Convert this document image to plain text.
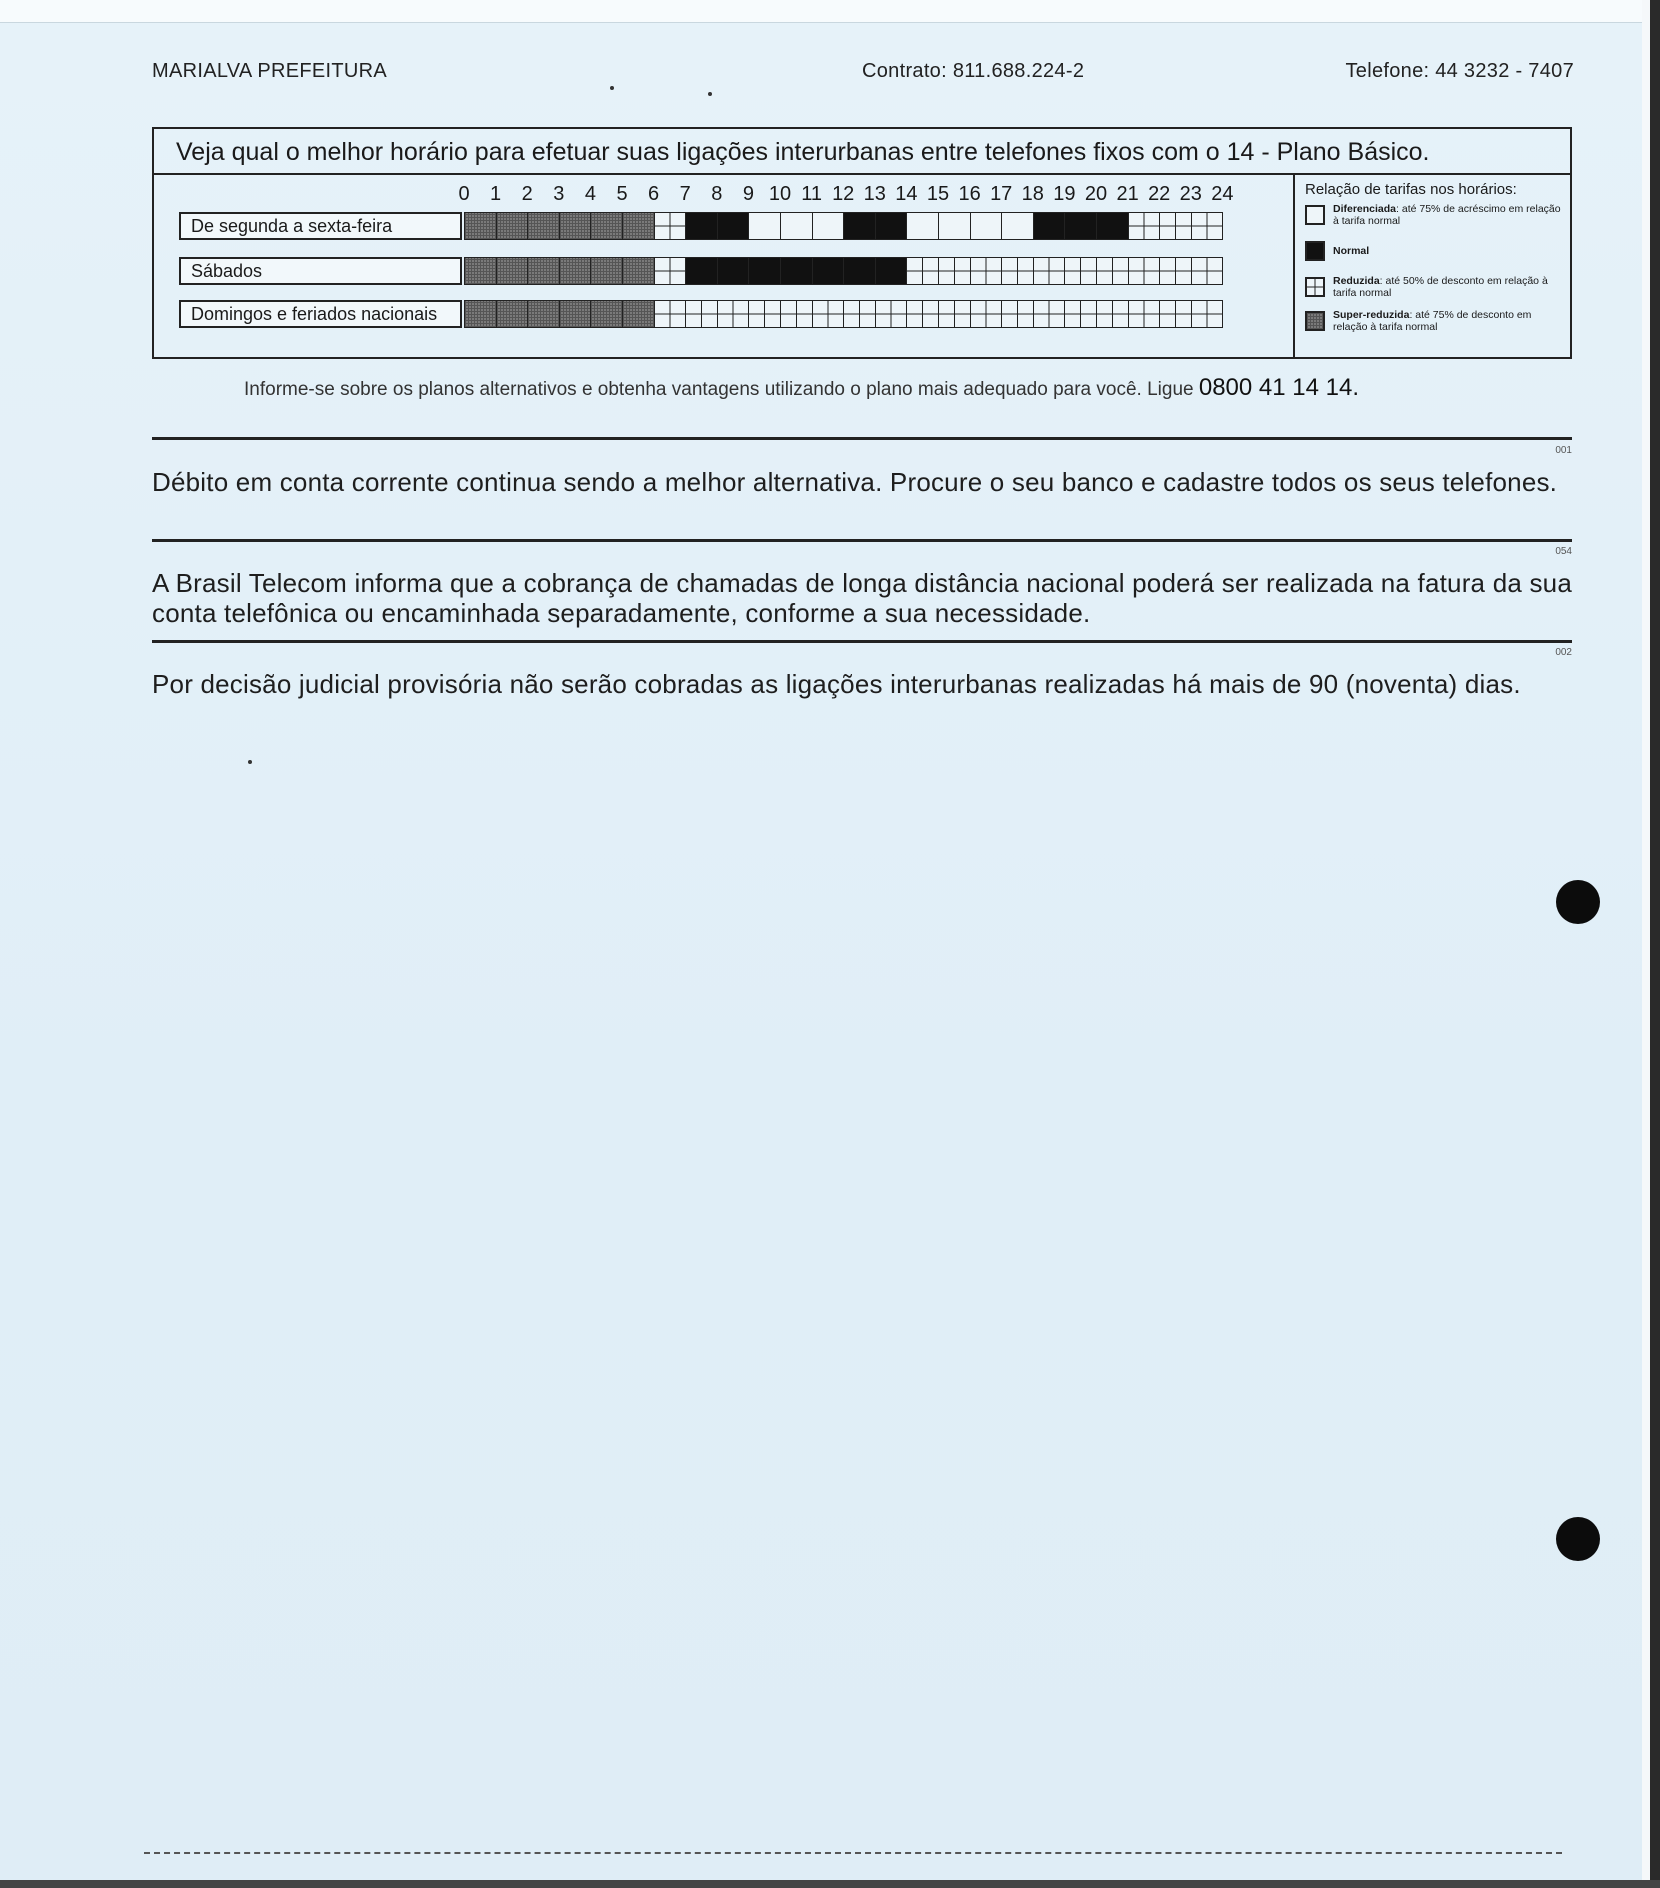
MARIALVA PREFEITURA	Contrato: 811.688.224-2	Telefone: 44 3232 - 7407
Veja qual o melhor horário para efetuar suas ligações interurbanas entre telefones fixos com o 14 - Plano Básico.
Relação de tarifas nos horários:
Diferenciada: até 75% de acréscimo em relação à tarifa normal
Normal
Reduzida: até 50% de desconto em relação à tarifa normal
Super-reduzida: até 75% de desconto em relação à tarifa normal
0	1	2	3	4	5	6	7	8	9 10 11 12 13 14 15 16 17 18 19 20 21 22 23 24
De segunda a sexta-feira
Sábados
Domingos e feriados nacionais
Informe-se sobre os planos alternativos e obtenha vantagens utilizando o plano mais adequado para você. Ligue 0800 41 14 14.
001
Débito em conta corrente continua sendo a melhor alternativa. Procure o seu banco e cadastre todos os seus telefones.
054
A Brasil Telecom informa que a cobrança de chamadas de longa distância nacional poderá ser realizada na fatura da sua conta telefônica ou encaminhada separadamente, conforme a sua necessidade.
002
Por decisão judicial provisória não serão cobradas as ligações interurbanas realizadas há mais de 90 (noventa) dias.
